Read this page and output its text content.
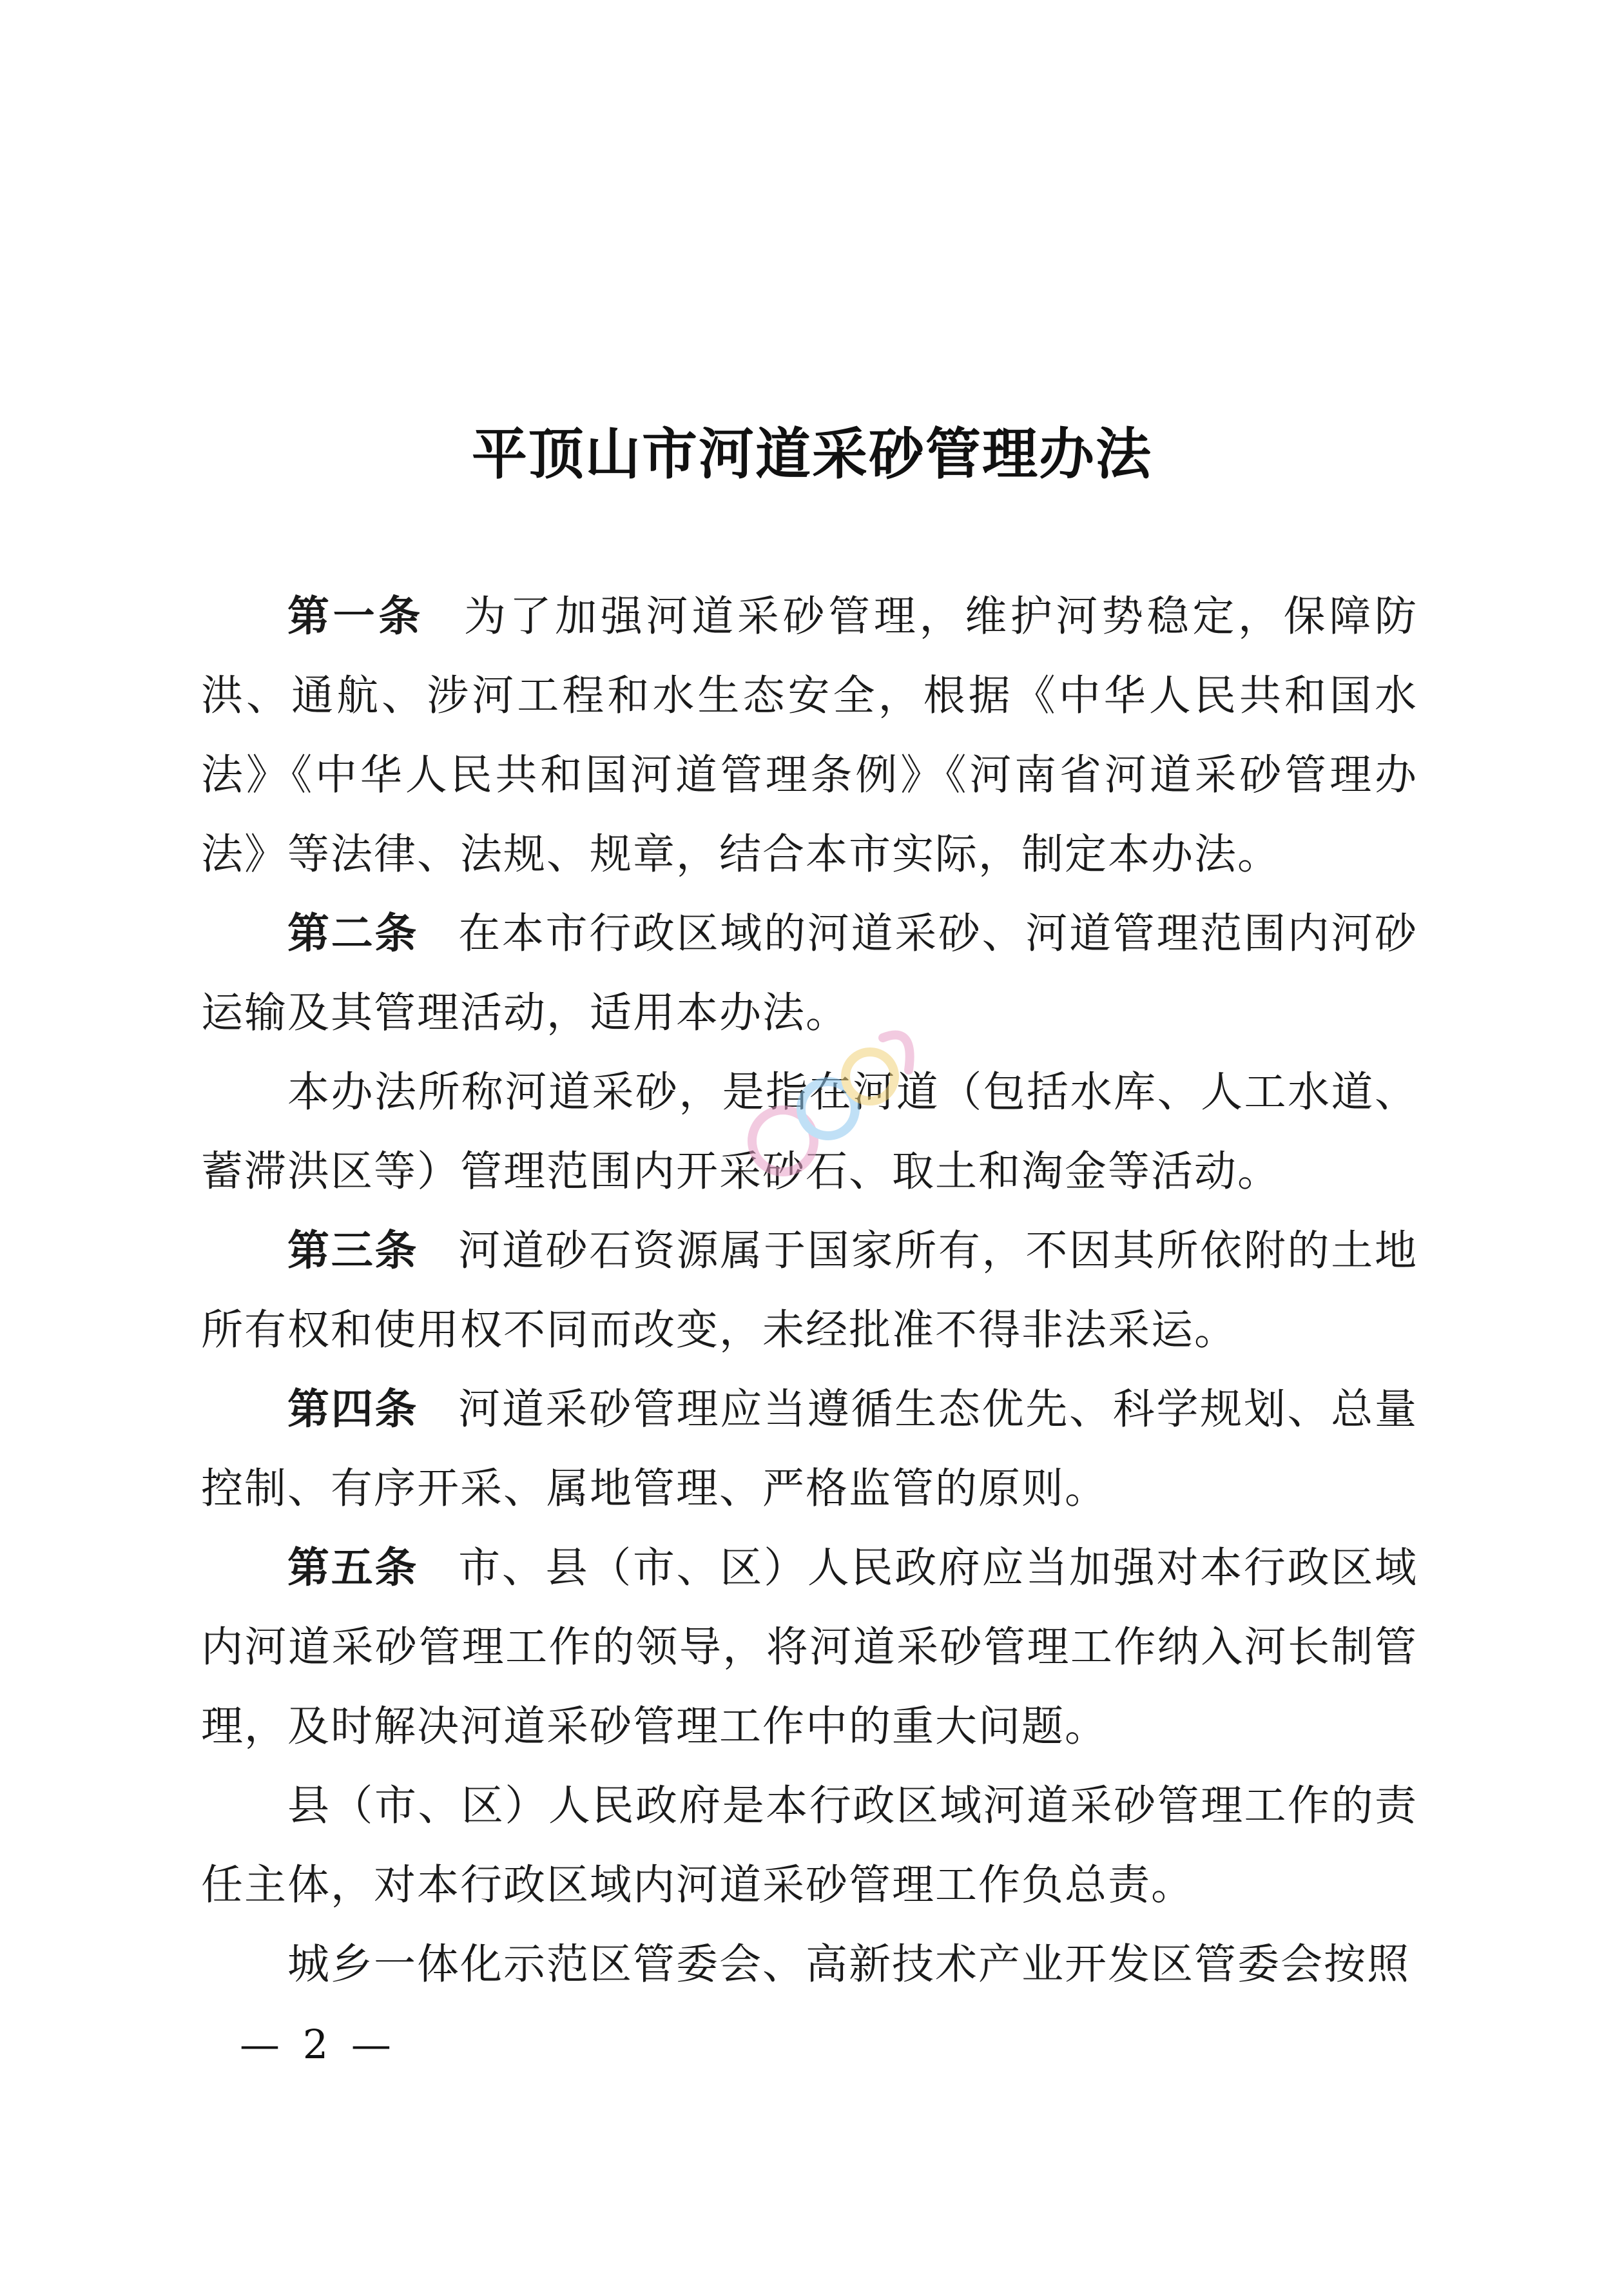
平顶山市河道采砂管理办法

第一条 为了加强河道采砂管理，维护河势稳定，保障防洪、通航、涉河工程和水生态安全，根据《中华人民共和国水法》《中华人民共和国河道管理条例》《河南省河道采砂管理办法》等法律、法规、规章，结合本市实际，制定本办法。

第二条 在本市行政区域的河道采砂、河道管理范围内河砂运输及其管理活动，适用本办法。

本办法所称河道采砂，是指在河道（包括水库、人工水道、蓄滞洪区等）管理范围内开采砂石、取土和淘金等活动。

第三条 河道砂石资源属于国家所有，不因其所依附的土地所有权和使用权不同而改变，未经批准不得非法采运。

第四条 河道采砂管理应当遵循生态优先、科学规划、总量控制、有序开采、属地管理、严格监管的原则。

第五条 市、县（市、区）人民政府应当加强对本行政区域内河道采砂管理工作的领导，将河道采砂管理工作纳入河长制管理，及时解决河道采砂管理工作中的重大问题。

县（市、区）人民政府是本行政区域河道采砂管理工作的责任主体，对本行政区域内河道采砂管理工作负总责。

城乡一体化示范区管委会、高新技术产业开发区管委会按照

— 2 —
